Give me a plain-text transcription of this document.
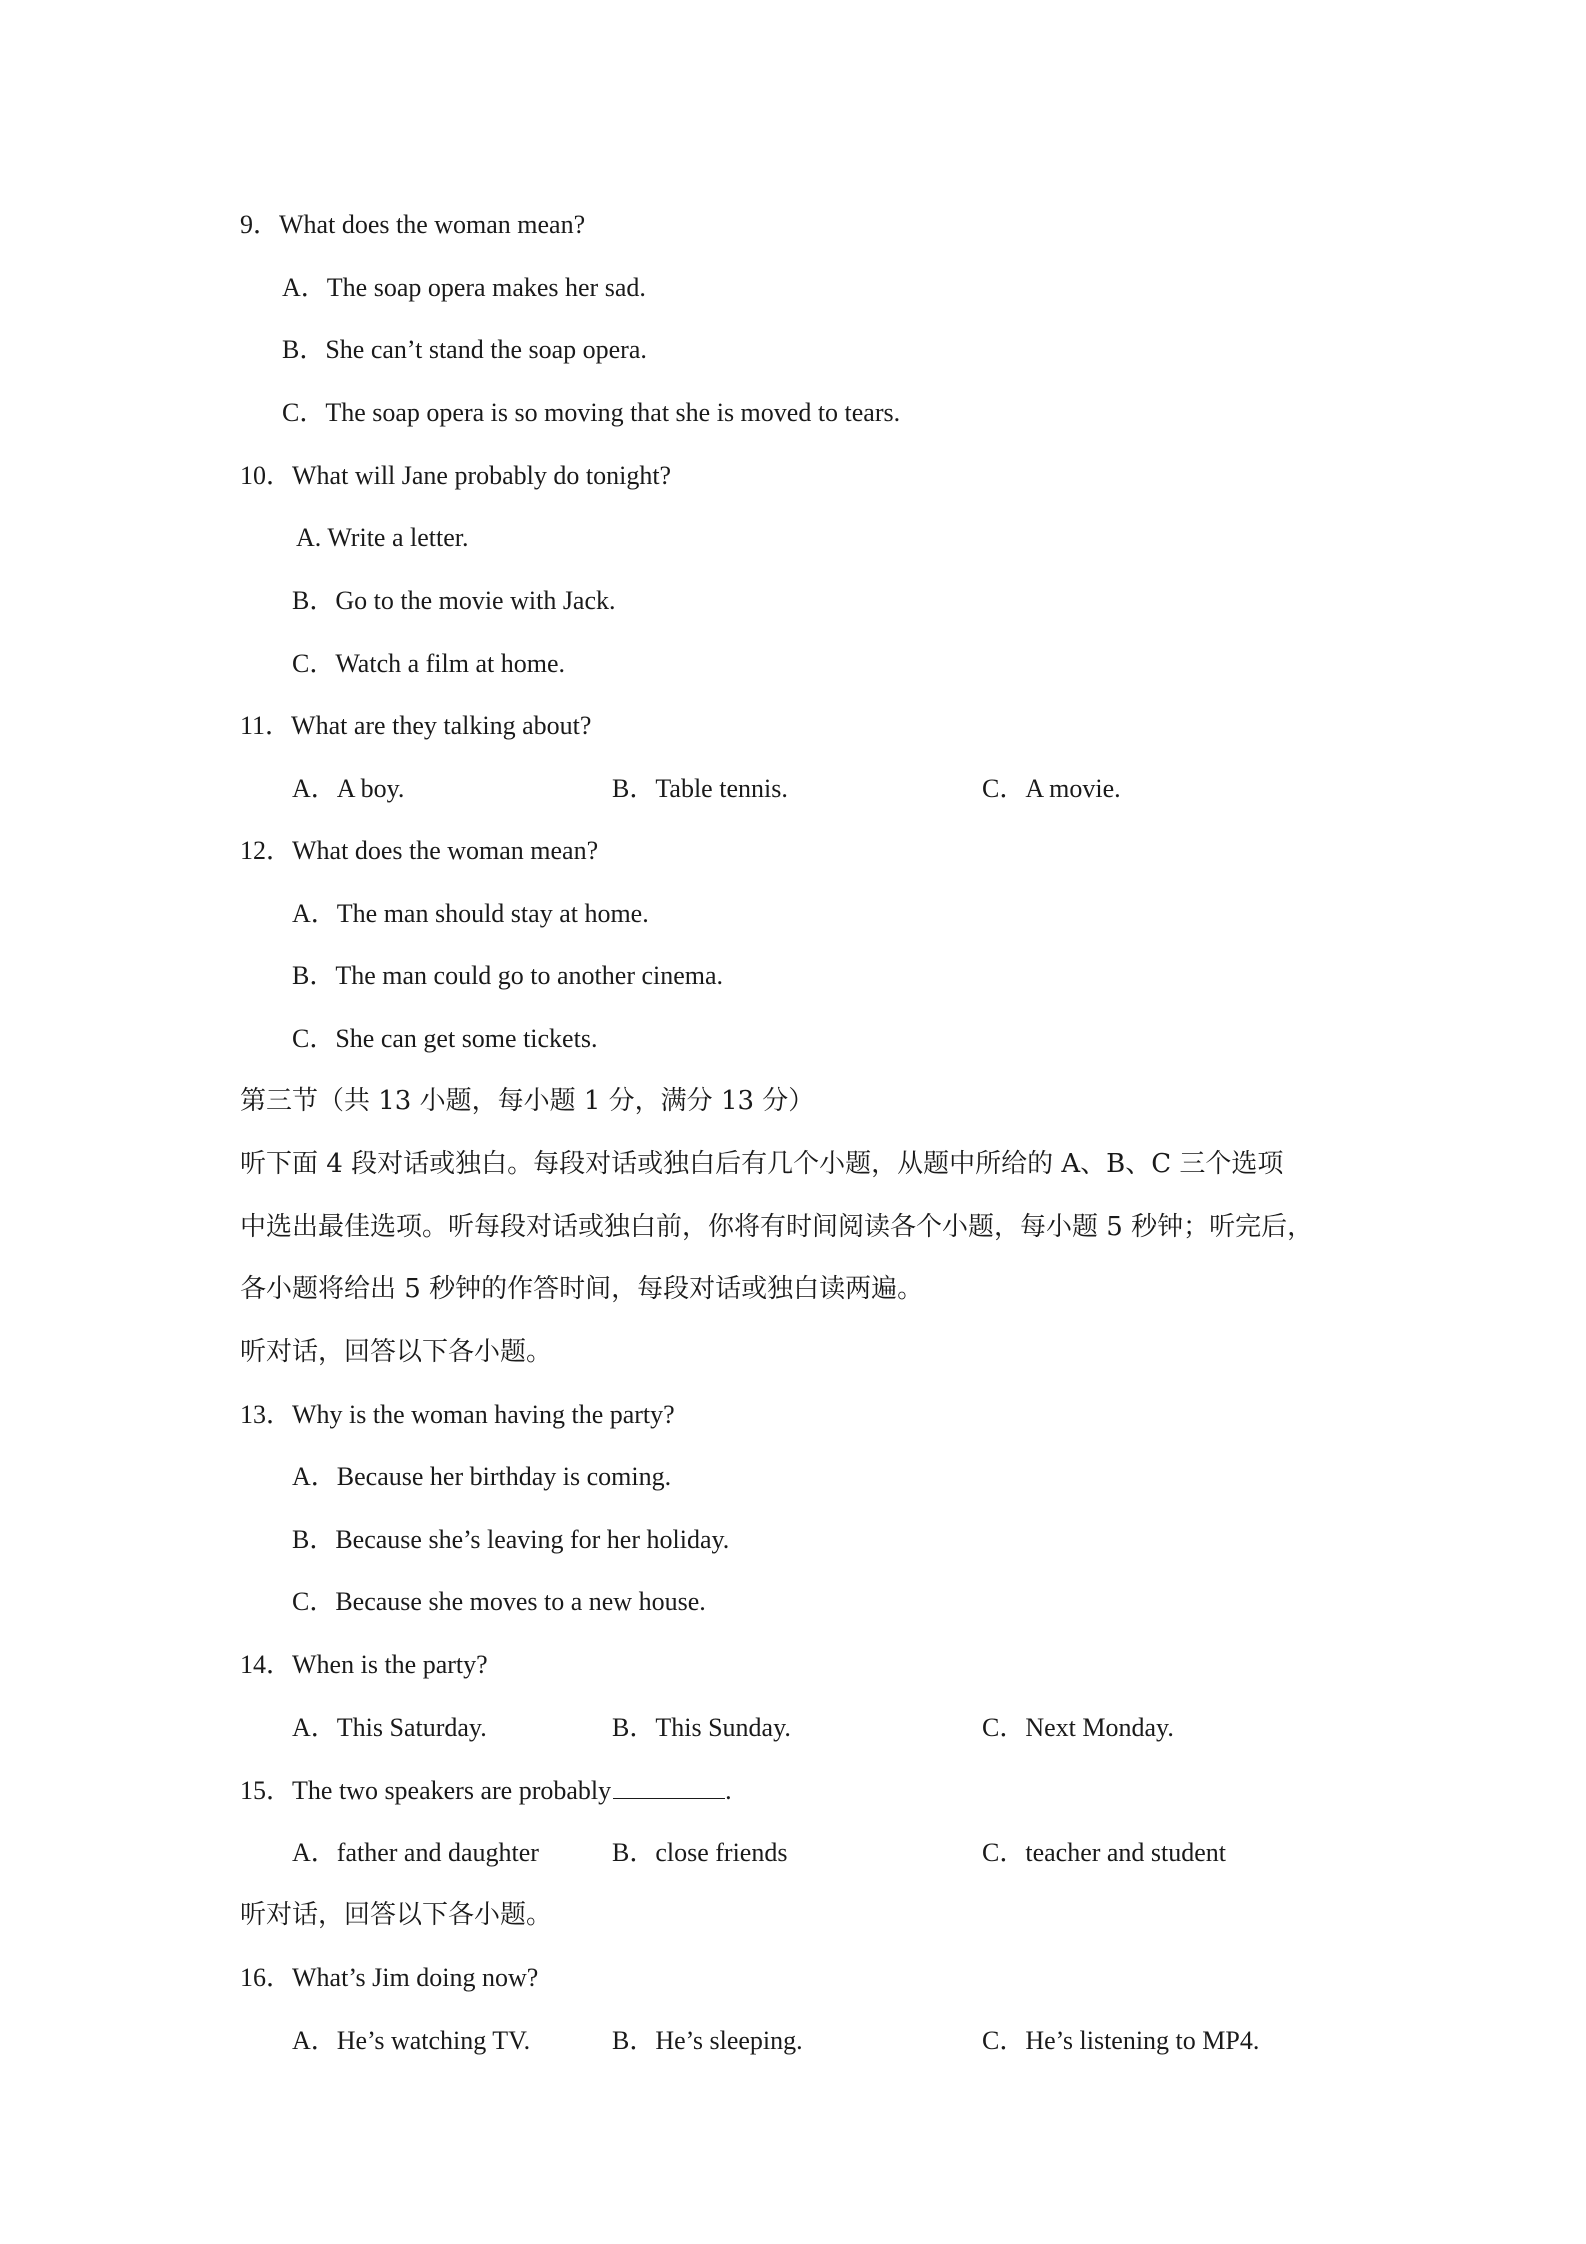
9．What does the woman mean?
A．The soap opera makes her sad.
B．She can’t stand the soap opera.
C．The soap opera is so moving that she is moved to tears.
10．What will Jane probably do tonight?
A. Write a letter.
B．Go to the movie with Jack.
C．Watch a film at home.
11．What are they talking about?
A．A boy.	B．Table tennis.	C．A movie.
12．What does the woman mean?
A．The man should stay at home.
B．The man could go to another cinema.
C．She can get some tickets.
第三节（共 13 小题，每小题 1 分，满分 13 分）
听下面 4 段对话或独白。每段对话或独白后有几个小题，从题中所给的 A、B、C 三个选项
中选出最佳选项。听每段对话或独白前，你将有时间阅读各个小题，每小题 5 秒钟；听完后，
各小题将给出 5 秒钟的作答时间，每段对话或独白读两遍。
听对话，回答以下各小题。
13．Why is the woman having the party?
A．Because her birthday is coming.
B．Because she’s leaving for her holiday.
C．Because she moves to a new house.
14．When is the party?
A．This Saturday.	B．This Sunday.	C．Next Monday.
15．The two speakers are probably	.
A．father and daughter	B．close friends	C．teacher and student
听对话，回答以下各小题。
16．What’s Jim doing now?
A．He’s watching TV.	B．He’s sleeping.	C．He’s listening to MP4.
